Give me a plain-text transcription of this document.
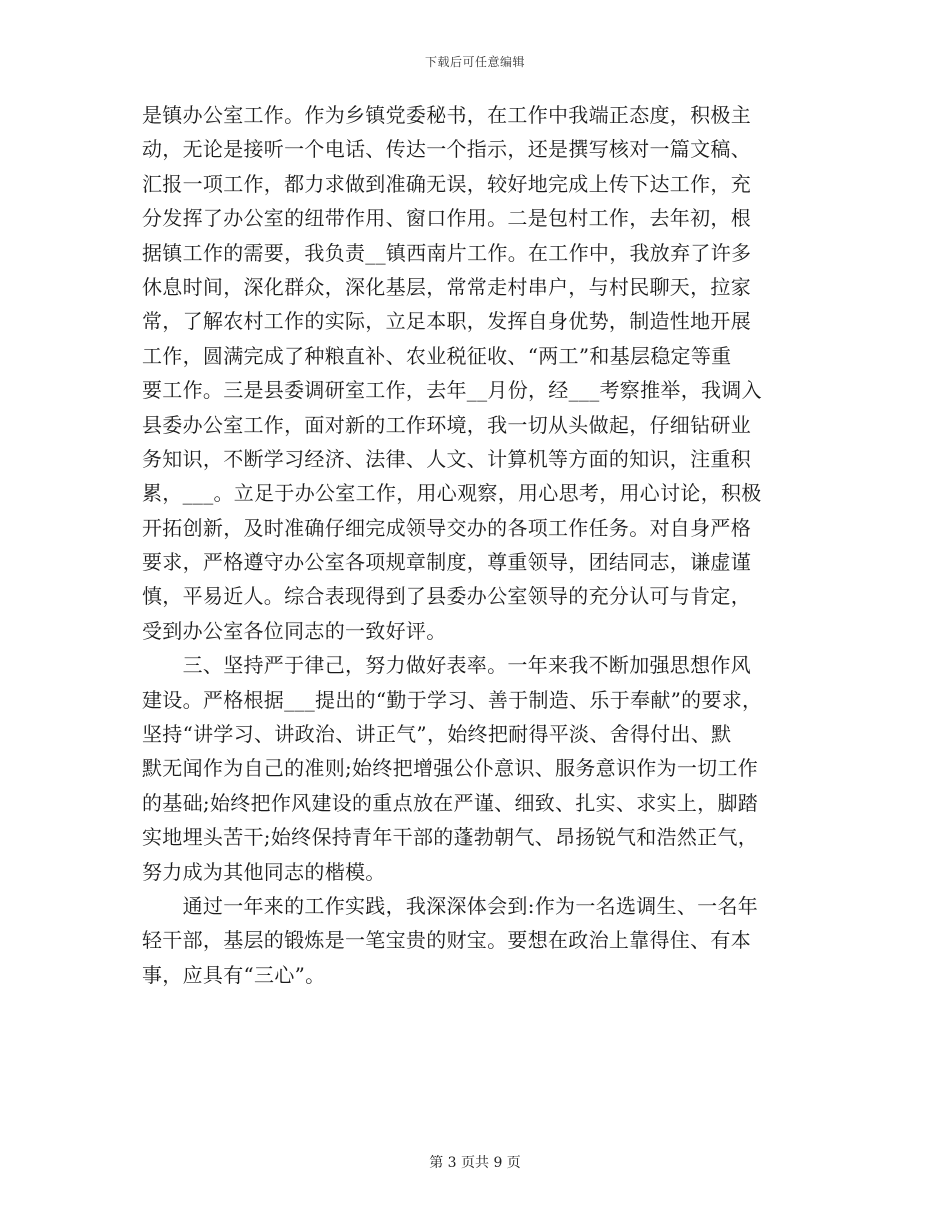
下载后可任意编辑
是镇办公室工作。作为乡镇党委秘书，在工作中我端正态度，积极主
动，无论是接听一个电话、传达一个指示，还是撰写核对一篇文稿、
汇报一项工作，都力求做到准确无误，较好地完成上传下达工作，充
分发挥了办公室的纽带作用、窗口作用。二是包村工作，去年初，根
据镇工作的需要，我负责__镇西南片工作。在工作中，我放弃了许多
休息时间，深化群众，深化基层，常常走村串户，与村民聊天，拉家
常，了解农村工作的实际，立足本职，发挥自身优势，制造性地开展
工作，圆满完成了种粮直补、农业税征收、“两工”和基层稳定等重
要工作。三是县委调研室工作，去年__月份，经___考察推举，我调入
县委办公室工作，面对新的工作环境，我一切从头做起，仔细钻研业
务知识，不断学习经济、法律、人文、计算机等方面的知识，注重积
累，___。立足于办公室工作，用心观察，用心思考，用心讨论，积极
开拓创新，及时准确仔细完成领导交办的各项工作任务。对自身严格
要求，严格遵守办公室各项规章制度，尊重领导，团结同志，谦虚谨
慎，平易近人。综合表现得到了县委办公室领导的充分认可与肯定，
受到办公室各位同志的一致好评。
　　三、坚持严于律己，努力做好表率。一年来我不断加强思想作风
建设。严格根据___提出的“勤于学习、善于制造、乐于奉献”的要求，
坚持“讲学习、讲政治、讲正气”，始终把耐得平淡、舍得付出、默
默无闻作为自己的准则;始终把增强公仆意识、服务意识作为一切工作
的基础;始终把作风建设的重点放在严谨、细致、扎实、求实上，脚踏
实地埋头苦干;始终保持青年干部的蓬勃朝气、昂扬锐气和浩然正气，
努力成为其他同志的楷模。
　　通过一年来的工作实践，我深深体会到:作为一名选调生、一名年
轻干部，基层的锻炼是一笔宝贵的财宝。要想在政治上靠得住、有本
事，应具有“三心”。
第 3 页共 9 页
